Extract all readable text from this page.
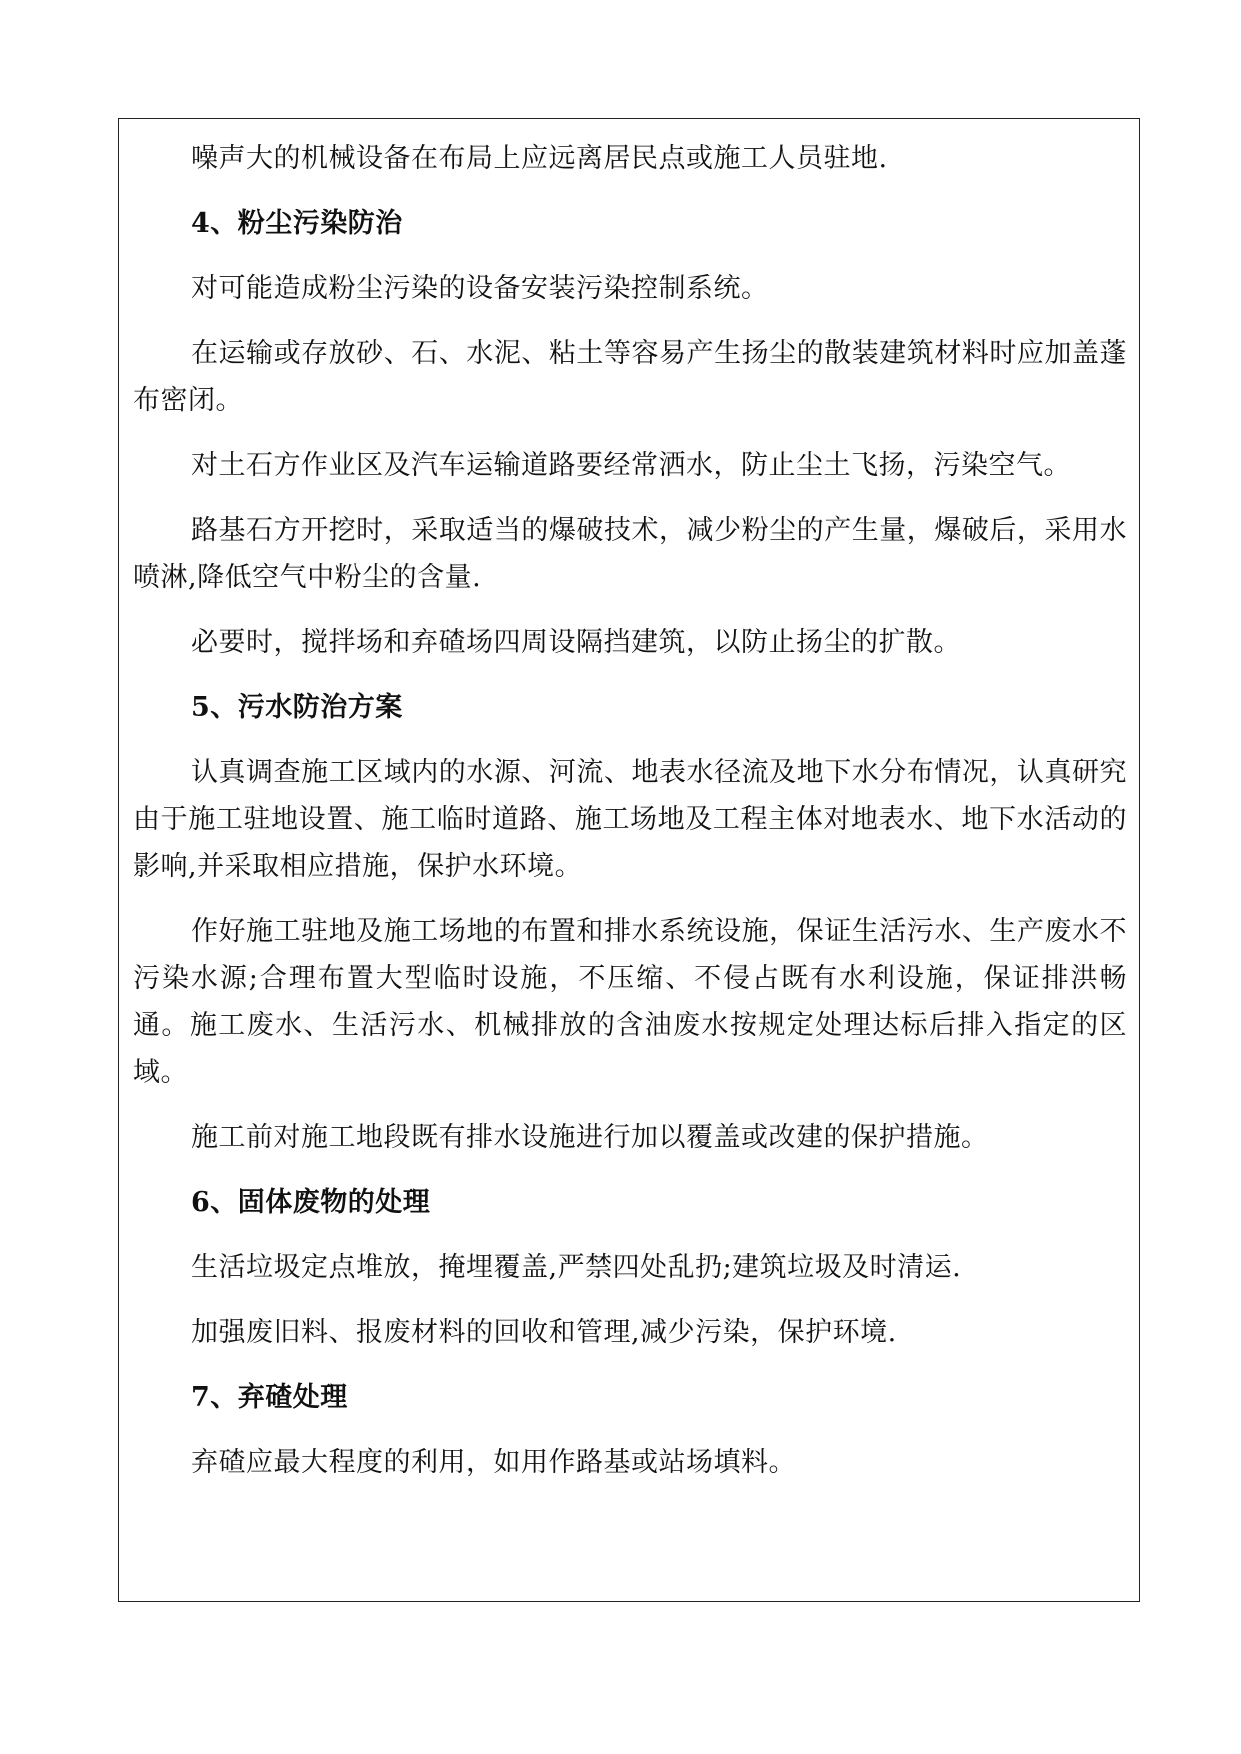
噪声大的机械设备在布局上应远离居民点或施工人员驻地.

4、粉尘污染防治

对可能造成粉尘污染的设备安装污染控制系统。

在运输或存放砂、石、水泥、粘土等容易产生扬尘的散装建筑材料时应加盖蓬布密闭。

对土石方作业区及汽车运输道路要经常洒水，防止尘土飞扬，污染空气。

路基石方开挖时，采取适当的爆破技术，减少粉尘的产生量，爆破后，采用水喷淋,降低空气中粉尘的含量.

必要时，搅拌场和弃碴场四周设隔挡建筑，以防止扬尘的扩散。

5、污水防治方案

认真调查施工区域内的水源、河流、地表水径流及地下水分布情况，认真研究由于施工驻地设置、施工临时道路、施工场地及工程主体对地表水、地下水活动的影响,并采取相应措施，保护水环境。

作好施工驻地及施工场地的布置和排水系统设施，保证生活污水、生产废水不污染水源;合理布置大型临时设施，不压缩、不侵占既有水利设施，保证排洪畅通。施工废水、生活污水、机械排放的含油废水按规定处理达标后排入指定的区域。

施工前对施工地段既有排水设施进行加以覆盖或改建的保护措施。

6、固体废物的处理

生活垃圾定点堆放，掩埋覆盖,严禁四处乱扔;建筑垃圾及时清运.

加强废旧料、报废材料的回收和管理,减少污染，保护环境.

7、弃碴处理

弃碴应最大程度的利用，如用作路基或站场填料。
